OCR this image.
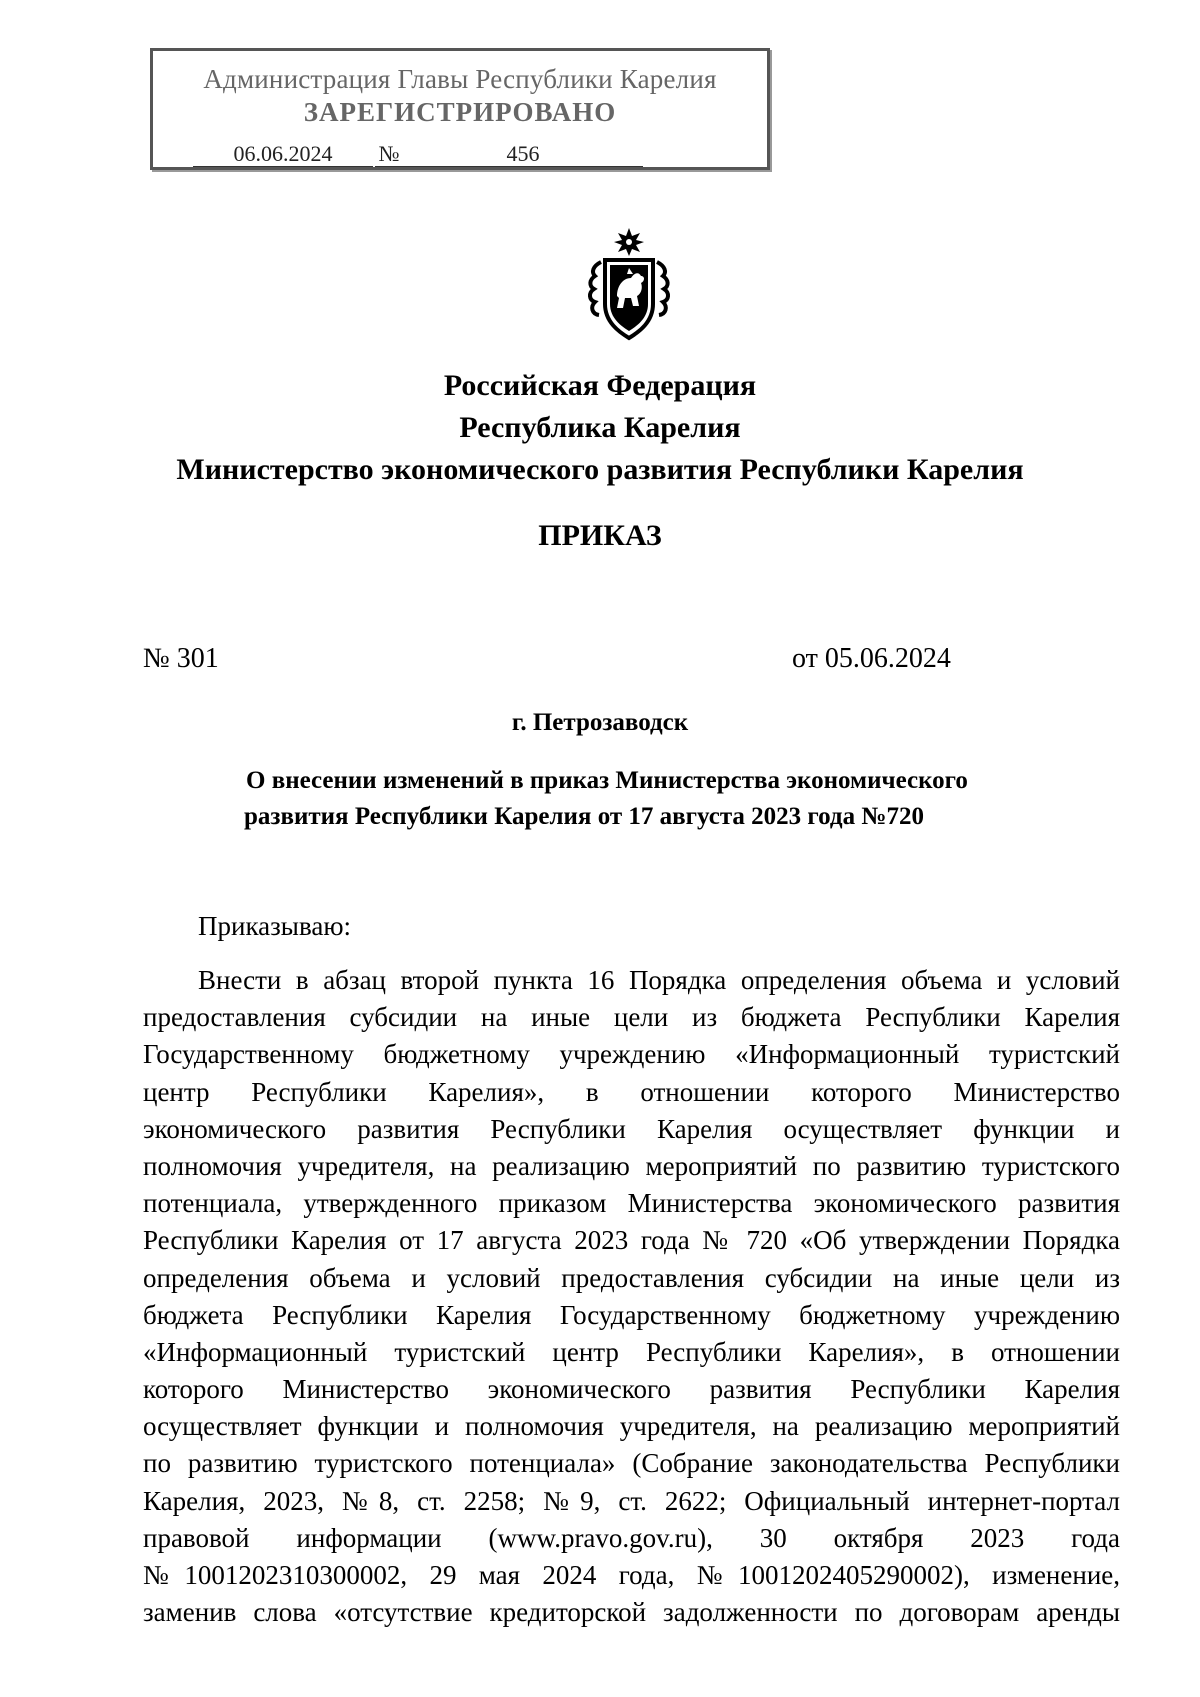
Администрация Главы Республики Карелия
ЗАРЕГИСТРИРОВАНО
06.06.2024	№	456
Российская Федерация
Республика Карелия
Министерство экономического развития Республики Карелия
ПРИКАЗ
№ 301	от 05.06.2024
г. Петрозаводск
О внесении изменений в приказ Министерства экономического
развития Республики Карелия от 17 августа 2023 года №720
Приказываю:
Внести в абзац второй пункта 16 Порядка определения объема и условий
предоставления субсидии на иные цели из бюджета Республики Карелия
Государственному бюджетному учреждению «Информационный туристский
центр Республики Карелия», в отношении которого Министерство
экономического развития Республики Карелия осуществляет функции и
полномочия учредителя, на реализацию мероприятий по развитию туристского
потенциала, утвержденного приказом Министерства экономического развития
Республики Карелия от 17 августа 2023 года № 720 «Об утверждении Порядка
определения объема и условий предоставления субсидии на иные цели из
бюджета Республики Карелия Государственному бюджетному учреждению
«Информационный туристский центр Республики Карелия», в отношении
которого Министерство экономического развития Республики Карелия
осуществляет функции и полномочия учредителя, на реализацию мероприятий
по развитию туристского потенциала» (Собрание законодательства Республики
Карелия, 2023, №8, ст. 2258; №9, ст. 2622; Официальный интернет-портал
правовой информации (www.pravo.gov.ru), 30 октября 2023 года
№1001202310300002, 29 мая 2024 года, №1001202405290002), изменение,
заменив слова «отсутствие кредиторской задолженности по договорам аренды
